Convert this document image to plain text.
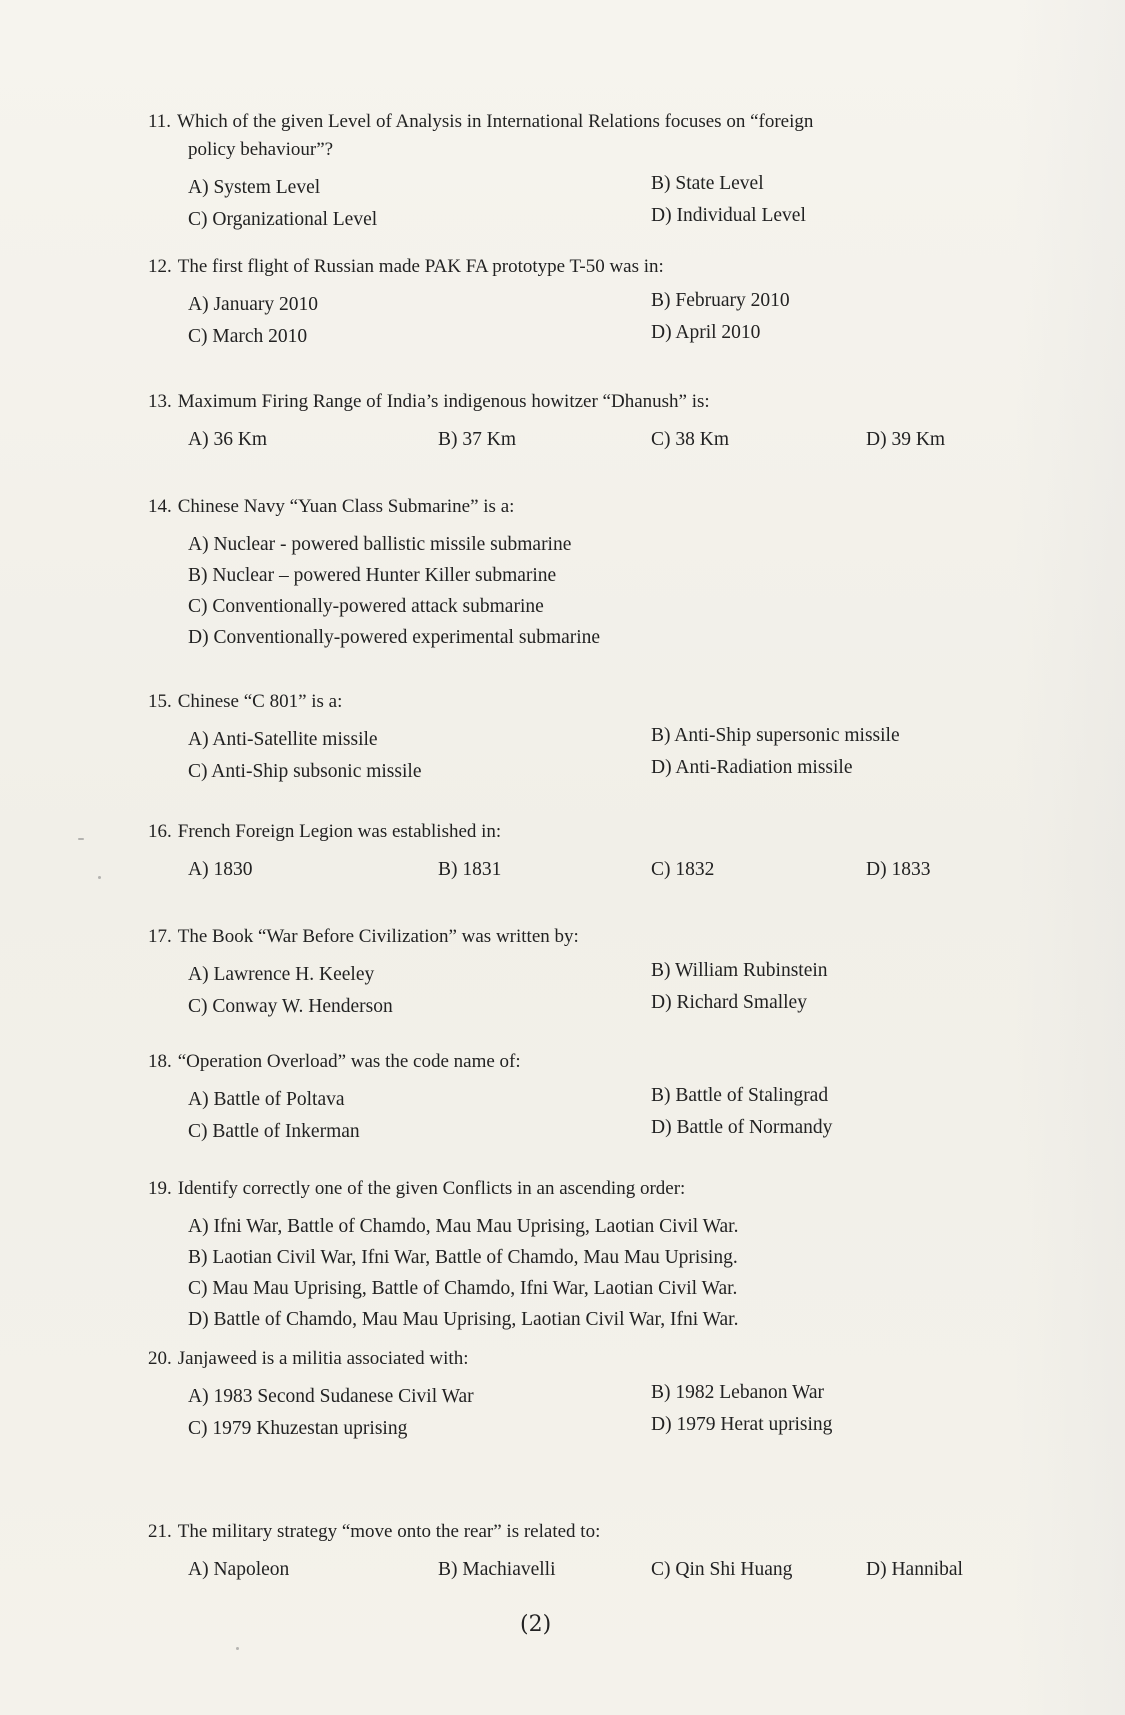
11. Which of the given Level of Analysis in International Relations focuses on “foreign
policy behaviour”?
A) System Level	B) State Level
C) Organizational Level	D) Individual Level
12. The first flight of Russian made PAK FA prototype T-50 was in:
A) January 2010	B) February 2010
C) March 2010	D) April 2010
13. Maximum Firing Range of India’s indigenous howitzer “Dhanush” is:
A) 36 Km	B) 37 Km	C) 38 Km	D) 39 Km
14. Chinese Navy “Yuan Class Submarine” is a:
A) Nuclear - powered ballistic missile submarine
B) Nuclear – powered Hunter Killer submarine
C) Conventionally-powered attack submarine
D) Conventionally-powered experimental submarine
15. Chinese “C 801” is a:
A) Anti-Satellite missile	B) Anti-Ship supersonic missile
C) Anti-Ship subsonic missile	D) Anti-Radiation missile
16. French Foreign Legion was established in:
A) 1830	B) 1831	C) 1832	D) 1833
17. The Book “War Before Civilization” was written by:
A) Lawrence H. Keeley	B) William Rubinstein
C) Conway W. Henderson	D) Richard Smalley
18. “Operation Overload” was the code name of:
A) Battle of Poltava	B) Battle of Stalingrad
C) Battle of Inkerman	D) Battle of Normandy
19. Identify correctly one of the given Conflicts in an ascending order:
A) Ifni War, Battle of Chamdo, Mau Mau Uprising, Laotian Civil War.
B) Laotian Civil War, Ifni War, Battle of Chamdo, Mau Mau Uprising.
C) Mau Mau Uprising, Battle of Chamdo, Ifni War, Laotian Civil War.
D) Battle of Chamdo, Mau Mau Uprising, Laotian Civil War, Ifni War.
20. Janjaweed is a militia associated with:
A) 1983 Second Sudanese Civil War	B) 1982 Lebanon War
C) 1979 Khuzestan uprising	D) 1979 Herat uprising
21. The military strategy “move onto the rear” is related to:
A) Napoleon	B) Machiavelli	C) Qin Shi Huang	D) Hannibal
(2)
